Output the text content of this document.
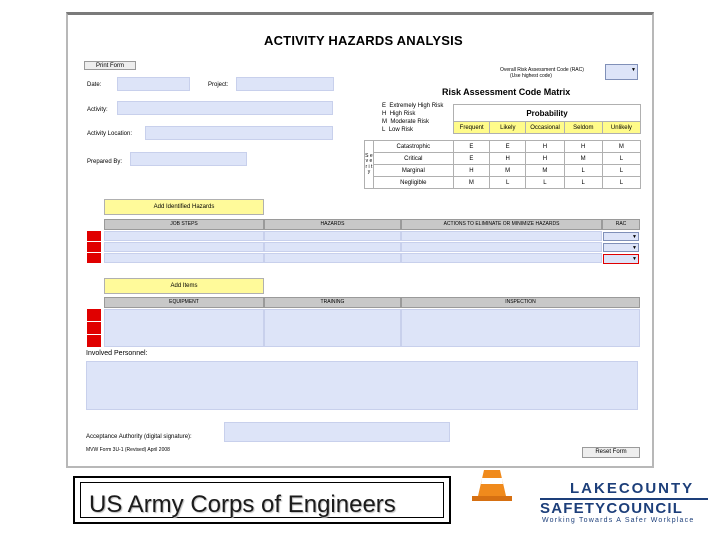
ACTIVITY HAZARDS ANALYSIS
Print Form
Overall Risk Assessment Code (RAC)
(Use highest code)
▼
Date:	Project:
Activity:
Activity Location:
Prepared By:
Risk Assessment Code Matrix
E Extremely High Risk
H High Risk
M Moderate Risk
L Low Risk
Probability
Frequent	Likely	Occasional	Seldom	Unlikely
S e v e r i t y	Catastrophic	E	E	H	H	M
	Critical	E	H	H	M	L
	Marginal	H	M	M	L	L
	Negligible	M	L	L	L	L
Add Identified Hazards
JOB STEPS	HAZARDS	ACTIONS TO ELIMINATE OR MINIMIZE HAZARDS	RAC
▼
▼
▼
Add Items
EQUIPMENT	TRAINING	INSPECTION
Involved Personnel:
Acceptance Authority (digital signature):
MVW Form 3U-1 (Revised) April 2008	Reset Form
US Army Corps of Engineers
LAKECOUNTY
SAFETYCOUNCIL
Working Towards A Safer Workplace
